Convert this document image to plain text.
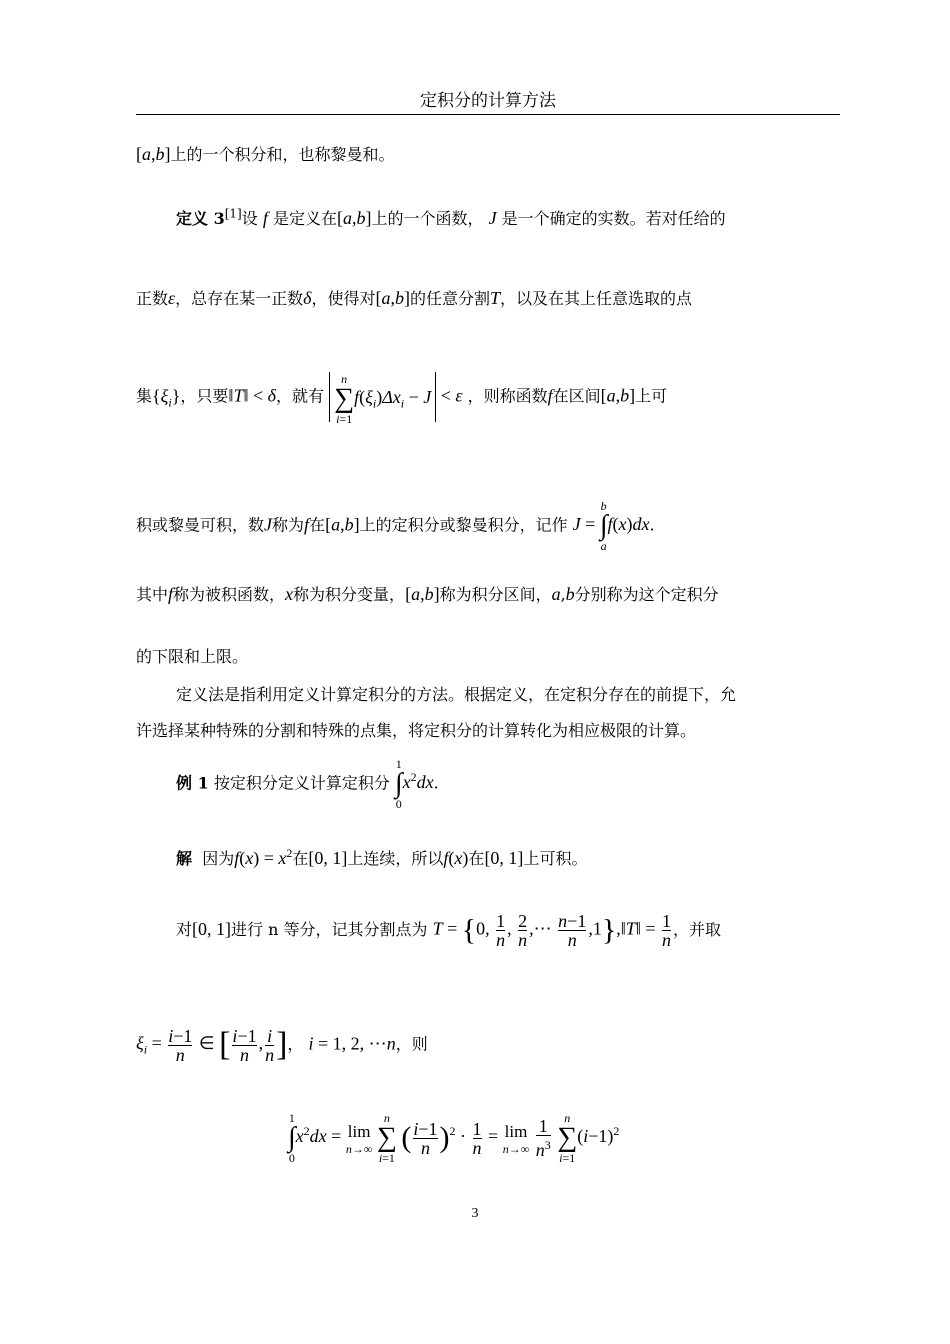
定积分的计算方法
[a,b]上的一个积分和，也称黎曼和。
定义 3[1]设 f 是定义在[a,b]上的一个函数， J 是一个确定的实数。若对任给的
正数ε，总存在某一正数δ，使得对[a,b]的任意分割T，以及在其上任意选取的点
集$\{\xi_i\}$，只要‖T‖ < δ，就有
n
∑
i=1
$f(\xi_i)\Delta x_i - J < \varepsilon$ ，则称函数f在区间[a,b]上可
积或黎曼可积，数J称为f在[a,b]上的定积分或黎曼积分，记作 J =
b
∫
a
f(x)dx.
其中f称为被积函数，x称为积分变量，[a,b]称为积分区间，a,b分别称为这个定积分
的下限和上限。
定义法是指利用定义计算定积分的方法。根据定义，在定积分存在的前提下，允
许选择某种特殊的分割和特殊的点集，将定积分的计算转化为相应极限的计算。
例 1 按定积分定义计算定积分
1
∫
0
$x^2dx$.
解 因为$f(x) = x^2$在[0, 1]上连续，所以f(x)在[0, 1]上可积。
对[0, 1]进行 n 等分，记其分割点为 T = {0, $\frac{1}{n}$ , $\frac{2}{n}$ ,⋯ $\frac{n-1}{n}$ ,1},‖T‖ = $\frac{1}{n}$ ，并取
$\xi_i = \frac{i-1}{n}$ ∈ [ $\frac{i-1}{n}$ , $\frac{i}{n}$ ]， i = 1, 2, ⋯n，则
1
∫
0
$x^2dx = \lim$
n→∞

n
∑
i=1
( $\frac{i-1}{n} )^2 \cdot \frac{1}{n} = \lim$
n→∞
$\frac{1}{n^3}$
	n
∑
i=1
$(i-1)^2$
3
